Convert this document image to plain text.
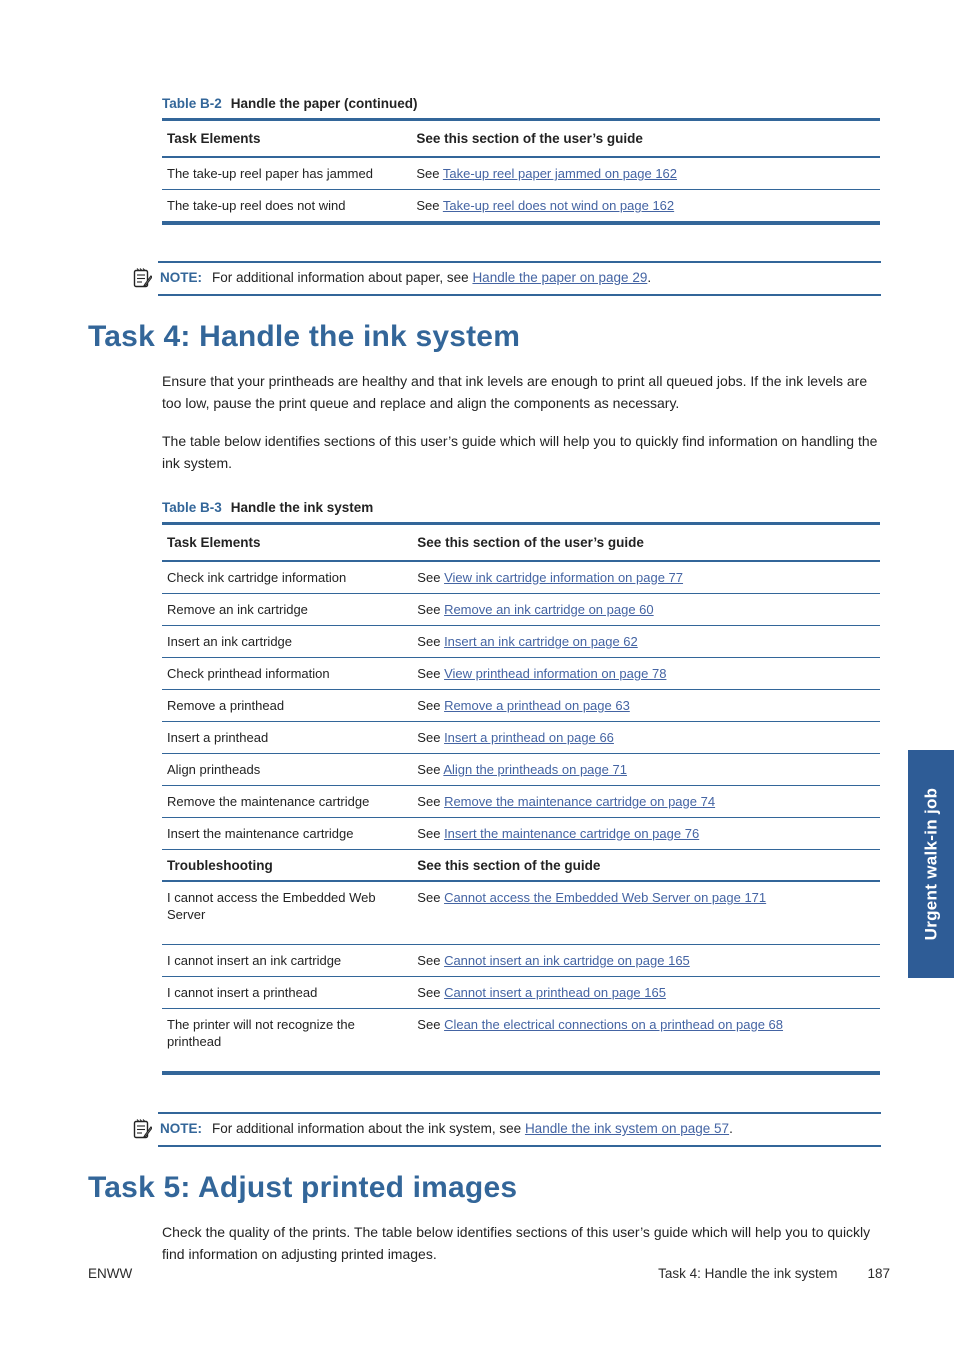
Table B-2 Handle the paper (continued)
Task Elements	See this section of the user’s guide
The take-up reel paper has jammed	See Take-up reel paper jammed on page 162
The take-up reel does not wind	See Take-up reel does not wind on page 162
NOTE: For additional information about paper, see Handle the paper on page 29.
Task 4: Handle the ink system

Ensure that your printheads are healthy and that ink levels are enough to print all queued jobs. If the ink levels are too low, pause the print queue and replace and align the components as necessary.

The table below identifies sections of this user’s guide which will help you to quickly find information on handling the ink system.

Table B-3 Handle the ink system
Task Elements	See this section of the user’s guide
Check ink cartridge information	See View ink cartridge information on page 77
Remove an ink cartridge	See Remove an ink cartridge on page 60
Insert an ink cartridge	See Insert an ink cartridge on page 62
Check printhead information	See View printhead information on page 78
Remove a printhead	See Remove a printhead on page 63
Insert a printhead	See Insert a printhead on page 66
Align printheads	See Align the printheads on page 71
Remove the maintenance cartridge	See Remove the maintenance cartridge on page 74
Insert the maintenance cartridge	See Insert the maintenance cartridge on page 76
Troubleshooting	See this section of the guide
I cannot access the Embedded Web Server	See Cannot access the Embedded Web Server on page 171
I cannot insert an ink cartridge	See Cannot insert an ink cartridge on page 165
I cannot insert a printhead	See Cannot insert a printhead on page 165
The printer will not recognize the printhead	See Clean the electrical connections on a printhead on page 68
NOTE: For additional information about the ink system, see Handle the ink system on page 57.
Task 5: Adjust printed images

Check the quality of the prints. The table below identifies sections of this user’s guide which will help you to quickly find information on adjusting printed images.

ENWW	Task 4: Handle the ink system 187
Urgent walk-in job
